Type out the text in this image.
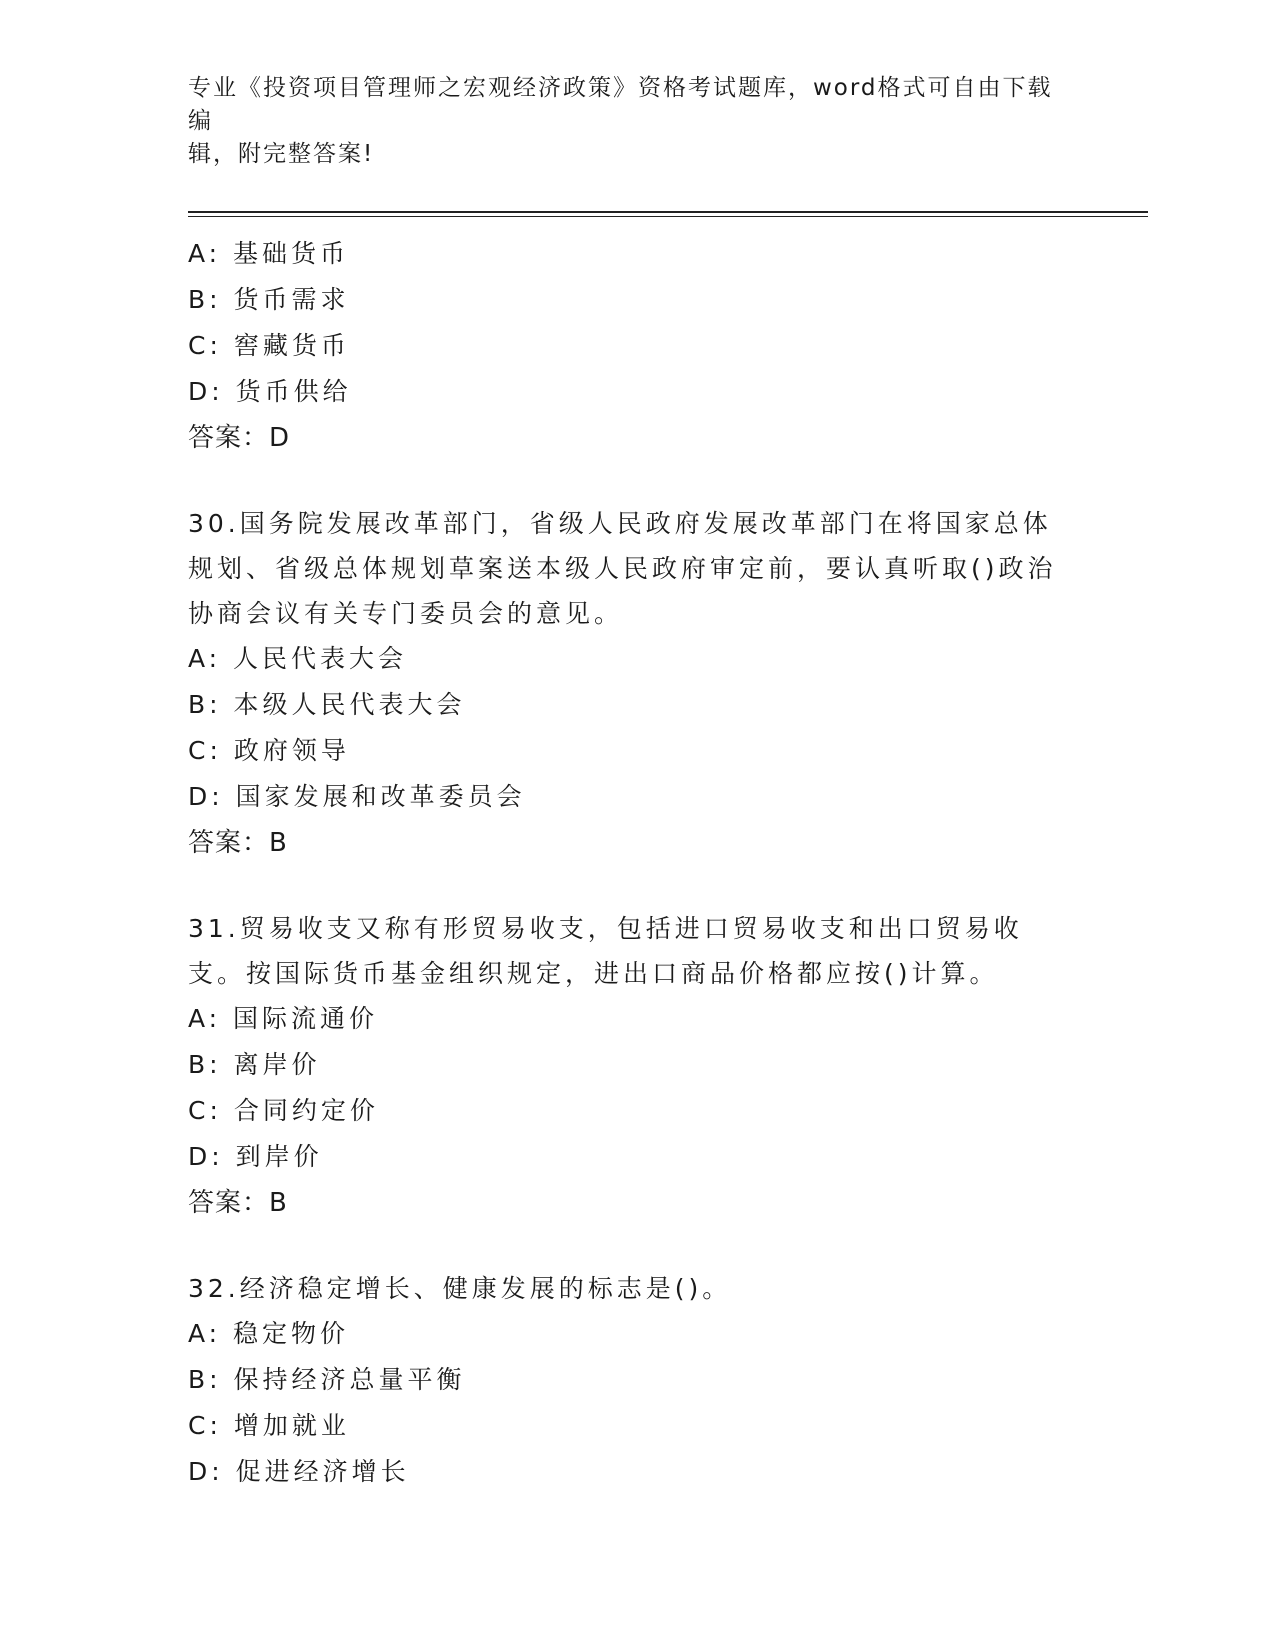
专业《投资项目管理师之宏观经济政策》资格考试题库，word格式可自由下载编
辑，附完整答案!

A: 基础货币

B: 货币需求

C: 窖藏货币

D: 货币供给

答案：D

30.国务院发展改革部门，省级人民政府发展改革部门在将国家总体规划、省级总体规划草案送本级人民政府审定前，要认真听取()政治协商会议有关专门委员会的意见。

A: 人民代表大会

B: 本级人民代表大会

C: 政府领导

D: 国家发展和改革委员会

答案：B

31.贸易收支又称有形贸易收支，包括进口贸易收支和出口贸易收支。按国际货币基金组织规定，进出口商品价格都应按()计算。

A: 国际流通价

B: 离岸价

C: 合同约定价

D: 到岸价

答案：B

32.经济稳定增长、健康发展的标志是()。

A: 稳定物价

B: 保持经济总量平衡

C: 增加就业

D: 促进经济增长
